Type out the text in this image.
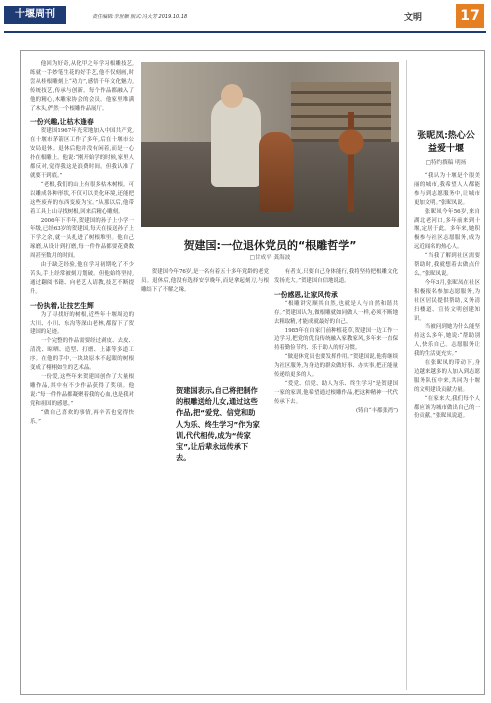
十堰周刊	责任编辑:李世顺 版式:冯大芳 2019.10.18	文明	17

他回为好奇,从化甲之年学习根雕技艺,练就一手妙笔生花的好手艺,他不仅刻画,时尝从桂根雕刻上“功力”,感悟千年文化魅力,传统技艺,传承与创新。每个作品都融入了他的精心,木雕家协会的会员。他家里堆满了木头,俨然一个根雕作品展厅。

一份兴趣,让枯木逢春

贺建国1967年光荣地加入中国共产党,在十堰市茅箭区工作了多年,后在十堰市公安局退休。退休后他并没有闲着,而是一心扑在根雕上。他说:“刚开始学的时候,家里人都反对,觉得我这是浪费时间。但我认准了就要干到底。”

“老根,我们的山上有很多枯木树根。可以雕成各种形状,不仅可以美化环境,还能把这些废弃的东西变废为宝。”从那以后,他带着工具上山寻找树根,回来后精心雕刻。

2006年下半年,贺建国的孙子上小学一年级,已经63岁的贺建国,每天在接送孙子上下学之余,就一头扎进了树根堆里。他自己琢磨,从设计到打磨,每一件作品都要花费数周甚至数月的时间。

由于缺乏经验,他在学习初期吃了不少苦头,手上经常被刻刀划破。但他始终坚持,通过翻阅书籍、向老艺人请教,技艺不断提升。

一份执着,让技艺生辉

为了寻找好的树根,近些年十堰周边的大川、小川、东沟等深山老林,都留下了贺建国的足迹。

一个完整的作品需要经过剥皮、去皮、清洗、晾晒、造型、打磨、上漆等多道工序。在他的手中,一块块原本不起眼的树根变成了栩栩如生的艺术品。

一份爱,这些年来贺建国创作了大量根雕作品,其中有不少作品获得了奖项。他说:“每一件作品都凝聚着我的心血,也是我对党和祖国的感恩。”

“做自己喜欢的事情,再辛苦也觉得快乐。”

贺建国:一位退休党员的“根雕哲学”
□甘成平 龚海波

贺建国今年76岁,是一名有着五十多年党龄的老党员。退休后,他没有选择安享晚年,而是拿起刻刀,与根雕结下了不解之缘。

贺建国表示,自己将把制作的根雕送给儿女,通过这些作品,把“爱党、信党和助人为乐、终生学习”作为家训,代代相传,成为“传家宝”,让后辈永远传承下去。

有者支,只要自己身体能行,我将坚持把根雕文化发扬光大。”贺建国自信地说道。

一份感恩,让家风传承

“根雕讲究顺其自然,也就是人与自然和谐共存。”贺建国认为,做根雕就如同做人一样,必须不断地去粗取精,才能成就最好的自己。

1985年在自家门前种植花草,贺建国一边工作一边学习,把党的优良传统融入家教家风,多年来一直保持着勤俭节约、乐于助人的好习惯。

“做退休党员也要发挥作用。”贺建国说,他将继续为社区服务,为身边的群众做好事、办实事,把正能量传递给更多的人。

“爱党、信党、助人为乐、终生学习”是贺建国一家的家训,他希望通过根雕作品,把这种精神一代代传承下去。

(铸自“丰都张湾”)

张昵凤:热心公益爱十堰
□特约撰稿 明扬

“我认为十堰是个很美丽的城市,我希望人人都能参与到志愿服务中,让城市更加文明。”张昵凤说。

张昵凤今年56岁,来自湖北老河口,多年前来到十堰,定居于此。多年来,她积极参与社区志愿服务,成为远近闻名的热心人。

“当我了解到社区需要帮助时,我就想着去做点什么。”张昵凤说。

今年3月,张昵凤在社区积极报名参加志愿服务,为社区居民提供帮助,义务清扫楼道、宣传文明创建知识。

当被问到她为什么能坚持这么多年,她说:“帮助别人,快乐自己。志愿服务让我的生活更充实。”

在张昵凤的带动下,身边越来越多的人加入到志愿服务队伍中来,共同为十堰的文明建设贡献力量。

“在家来大,我们每个人都应该为城市做出自己的一份贡献。”张昵凤说道。
